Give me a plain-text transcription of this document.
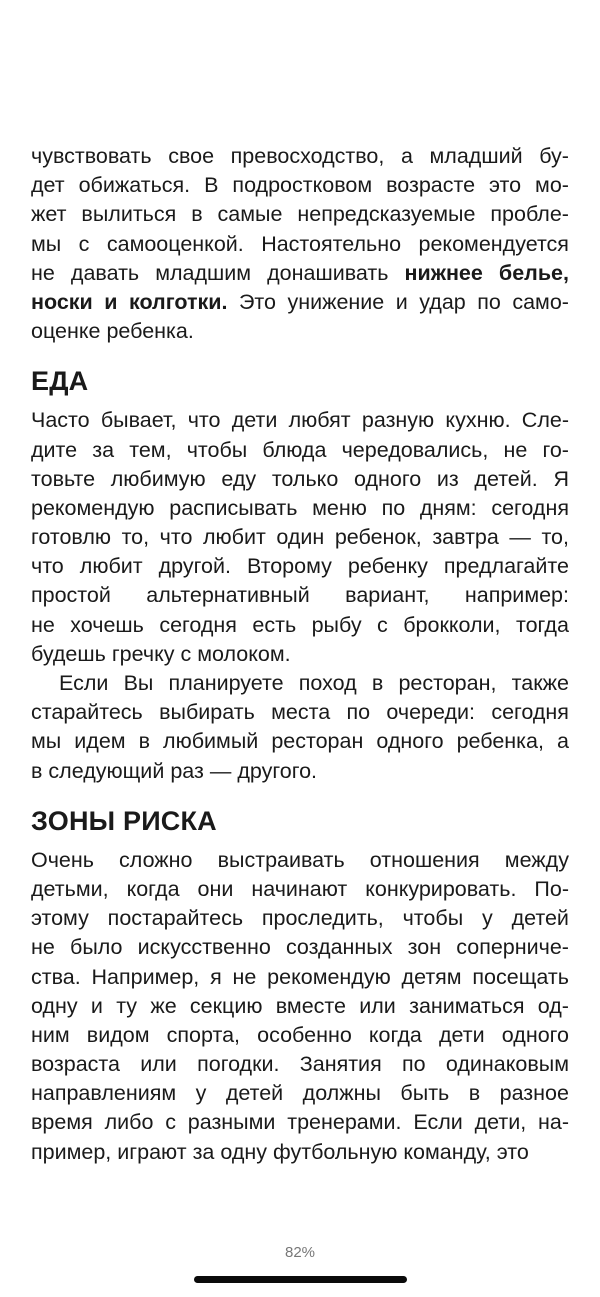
чувствовать свое превосходство, а младший бу-
дет обижаться. В подростковом возрасте это мо-
жет вылиться в самые непредсказуемые пробле-
мы с самооценкой. Настоятельно рекомендуется
не давать младшим донашивать нижнее белье,
носки и колготки. Это унижение и удар по само-
оценке ребенка.
ЕДА
Часто бывает, что дети любят разную кухню. Сле-
дите за тем, чтобы блюда чередовались, не го-
товьте любимую еду только одного из детей. Я
рекомендую расписывать меню по дням: сегодня
готовлю то, что любит один ребенок, завтра — то,
что любит другой. Второму ребенку предлагайте
простой альтернативный вариант, например:
не хочешь сегодня есть рыбу с брокколи, тогда
будешь гречку с молоком.
Если Вы планируете поход в ресторан, также
старайтесь выбирать места по очереди: сегодня
мы идем в любимый ресторан одного ребенка, а
в следующий раз — другого.
ЗОНЫ РИСКА
Очень сложно выстраивать отношения между
детьми, когда они начинают конкурировать. По-
этому постарайтесь проследить, чтобы у детей
не было искусственно созданных зон соперниче-
ства. Например, я не рекомендую детям посещать
одну и ту же секцию вместе или заниматься од-
ним видом спорта, особенно когда дети одного
возраста или погодки. Занятия по одинаковым
направлениям у детей должны быть в разное
время либо с разными тренерами. Если дети, на-
пример, играют за одну футбольную команду, это
82%
